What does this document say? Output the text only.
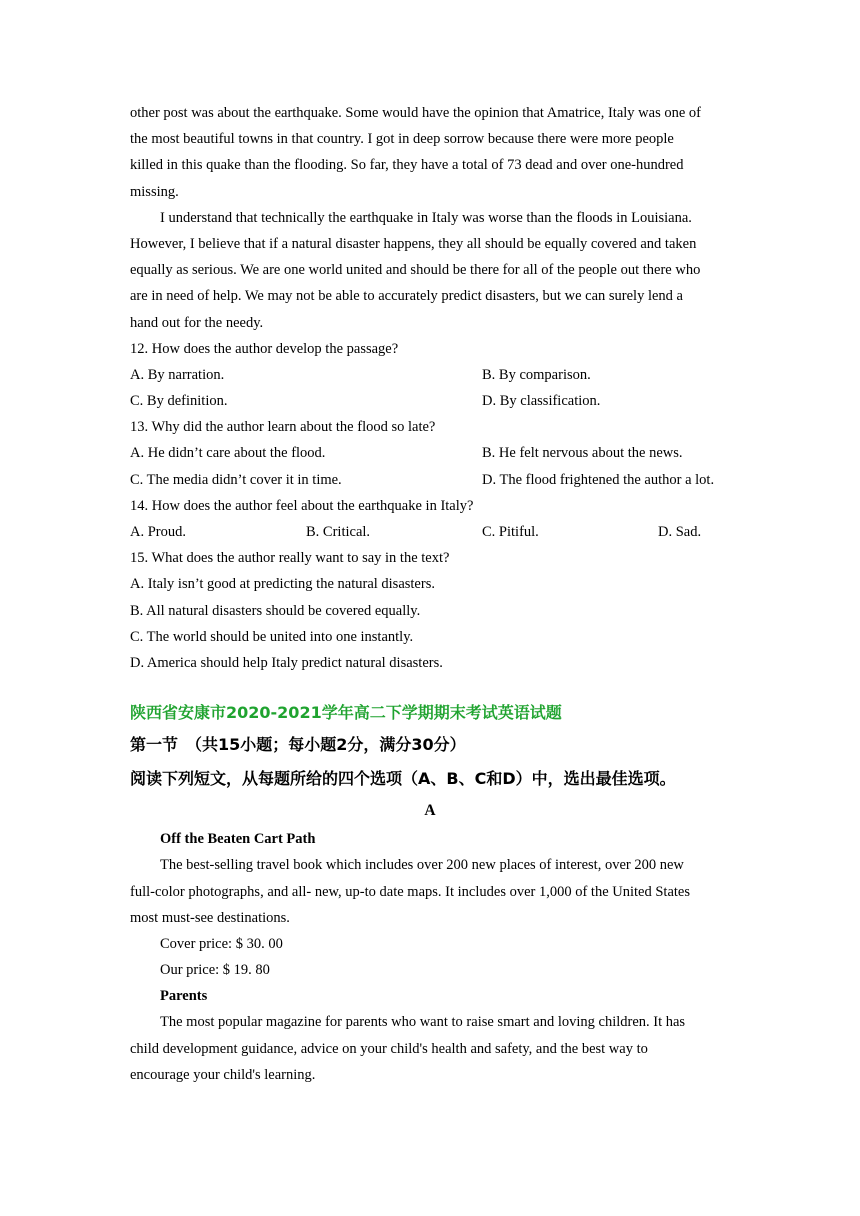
other post was about the earthquake. Some would have the opinion that Amatrice, Italy was one of
the most beautiful towns in that country. I got in deep sorrow because there were more people
killed in this quake than the flooding. So far, they have a total of 73 dead and over one-hundred
missing.
I understand that technically the earthquake in Italy was worse than the floods in Louisiana.
However, I believe that if a natural disaster happens, they all should be equally covered and taken
equally as serious. We are one world united and should be there for all of the people out there who
are in need of help. We may not be able to accurately predict disasters, but we can surely lend a
hand out for the needy.
12. How does the author develop the passage?
A. By narration.	B. By comparison.
C. By definition.	D. By classification.
13. Why did the author learn about the flood so late?
A. He didn’t care about the flood.	B. He felt nervous about the news.
C. The media didn’t cover it in time.	D. The flood frightened the author a lot.
14. How does the author feel about the earthquake in Italy?
A. Proud.	B. Critical.	C. Pitiful.	D. Sad.
15. What does the author really want to say in the text?
A. Italy isn’t good at predicting the natural disasters.
B. All natural disasters should be covered equally.
C. The world should be united into one instantly.
D. America should help Italy predict natural disasters.
陕西省安康市2020-2021学年高二下学期期末考试英语试题
第一节　（共15小题；每小题2分，满分30分）
阅读下列短文，从每题所给的四个选项（A、B、C和D）中，选出最佳选项。
A
Off the Beaten Cart Path
The best-selling travel book which includes over 200 new places of interest, over 200 new
full-color photographs, and all- new, up-to date maps. It includes over 1,000 of the United States
most must-see destinations.
Cover price: $ 30. 00
Our price: $ 19. 80
Parents
The most popular magazine for parents who want to raise smart and loving children. It has
child development guidance, advice on your child's health and safety, and the best way to
encourage your child's learning.
